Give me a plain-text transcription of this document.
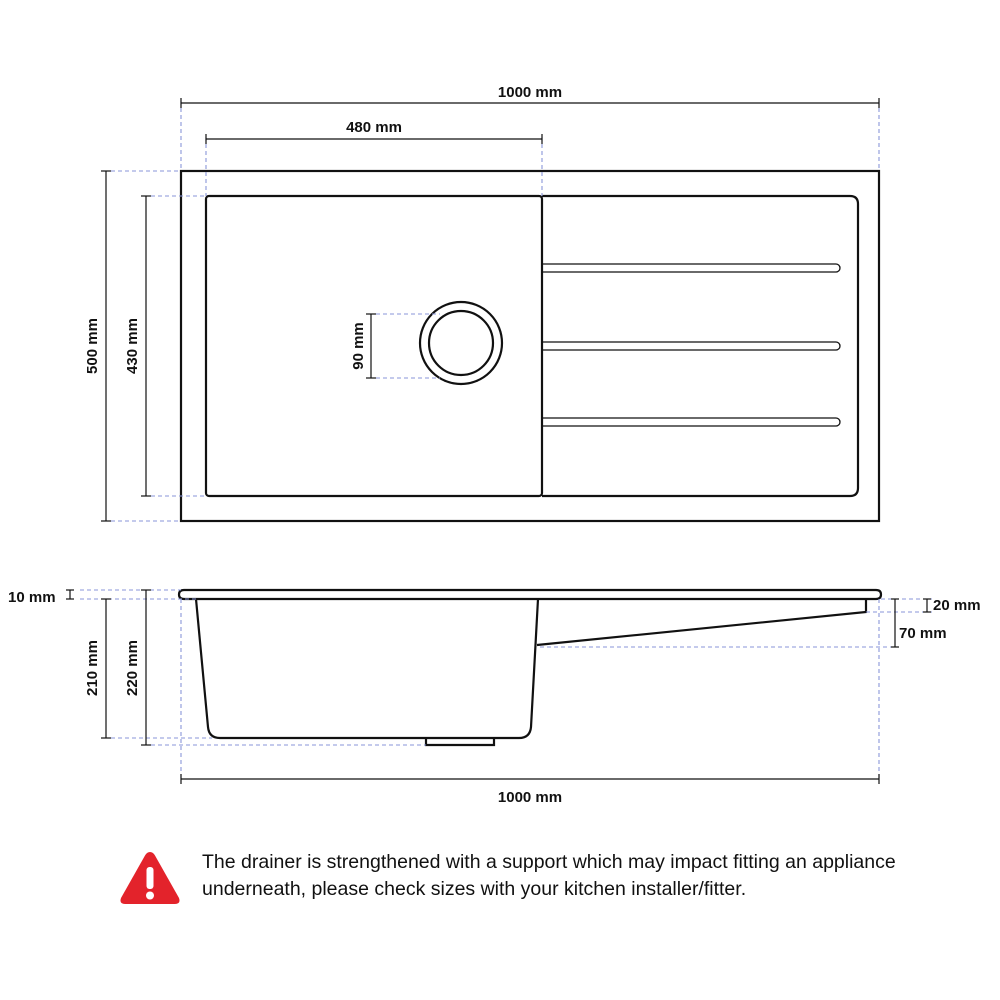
1000 mm
480 mm
500 mm 430 mm	90 mm
10 mm
210 mm 220 mm
20 mm
70 mm
1000 mm
The drainer is strengthened with a support which may impact fitting an appliance underneath, please check sizes with your kitchen installer/fitter.
